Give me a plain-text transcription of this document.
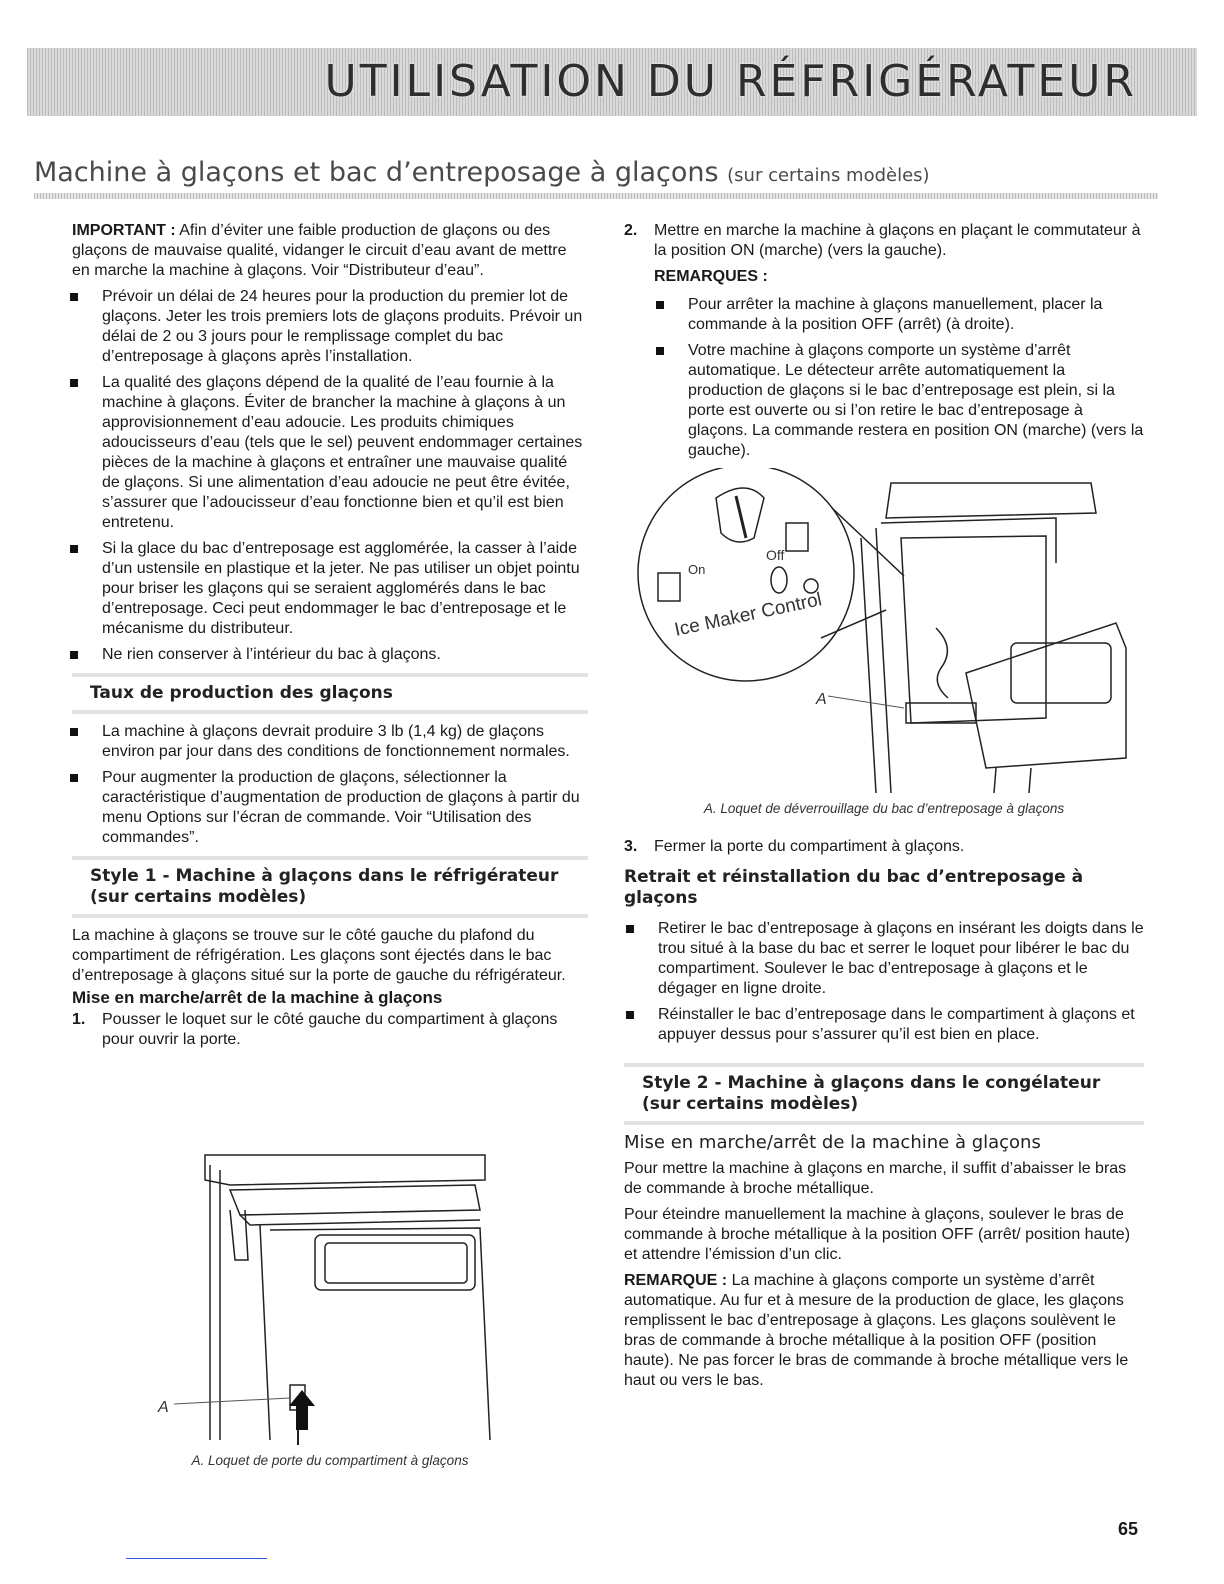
UTILISATION DU RÉFRIGÉRATEUR
Machine à glaçons et bac d’entreposage à glaçons (sur certains modèles)

IMPORTANT : Afin d’éviter une faible production de glaçons ou des glaçons de mauvaise qualité, vidanger le circuit d’eau avant de mettre en marche la machine à glaçons. Voir “Distributeur d’eau”.

Prévoir un délai de 24 heures pour la production du premier lot de glaçons. Jeter les trois premiers lots de glaçons produits. Prévoir un délai de 2 ou 3 jours pour le remplissage complet du bac d’entreposage à glaçons après l’installation.
La qualité des glaçons dépend de la qualité de l’eau fournie à la machine à glaçons. Éviter de brancher la machine à glaçons à un approvisionnement d’eau adoucie. Les produits chimiques adoucisseurs d’eau (tels que le sel) peuvent endommager certaines pièces de la machine à glaçons et entraîner une mauvaise qualité de glaçons. Si une alimentation d’eau adoucie ne peut être évitée, s’assurer que l’adoucisseur d’eau fonctionne bien et qu’il est bien entretenu.
Si la glace du bac d’entreposage est agglomérée, la casser à l’aide d’un ustensile en plastique et la jeter. Ne pas utiliser un objet pointu pour briser les glaçons qui se seraient agglomérés dans le bac d’entreposage. Ceci peut endommager le bac d’entreposage et le mécanisme du distributeur.
Ne rien conserver à l’intérieur du bac à glaçons.
Taux de production des glaçons
La machine à glaçons devrait produire 3 lb (1,4 kg) de glaçons environ par jour dans des conditions de fonctionnement normales.
Pour augmenter la production de glaçons, sélectionner la caractéristique d’augmentation de production de glaçons à partir du menu Options sur l’écran de commande. Voir “Utilisation des commandes”.
Style 1 - Machine à glaçons dans le réfrigérateur (sur certains modèles)

La machine à glaçons se trouve sur le côté gauche du plafond du compartiment de réfrigération. Les glaçons sont éjectés dans le bac d’entreposage à glaçons situé sur la porte de gauche du réfrigérateur.

Mise en marche/arrêt de la machine à glaçons
1. Pousser le loquet sur le côté gauche du compartiment à glaçons pour ouvrir la porte.
A
A. Loquet de porte du compartiment à glaçons
2. Mettre en marche la machine à glaçons en plaçant le commutateur à la position ON (marche) (vers la gauche).
REMARQUES :
Pour arrêter la machine à glaçons manuellement, placer la commande à la position OFF (arrêt) (à droite).
Votre machine à glaçons comporte un système d’arrêt automatique. Le détecteur arrête automatiquement la production de glaçons si le bac d’entreposage est plein, si la porte est ouverte ou si l’on retire le bac d’entreposage à glaçons. La commande restera en position ON (marche) (vers la gauche).
On
Off
Ice Maker Control
A
A. Loquet de déverrouillage du bac d’entreposage à glaçons
3. Fermer la porte du compartiment à glaçons.
Retrait et réinstallation du bac d’entreposage à glaçons
Retirer le bac d’entreposage à glaçons en insérant les doigts dans le trou situé à la base du bac et serrer le loquet pour libérer le bac du compartiment. Soulever le bac d’entreposage à glaçons et le dégager en ligne droite.
Réinstaller le bac d’entreposage dans le compartiment à glaçons et appuyer dessus pour s’assurer qu’il est bien en place.
Style 2 - Machine à glaçons dans le congélateur (sur certains modèles)
Mise en marche/arrêt de la machine à glaçons

Pour mettre la machine à glaçons en marche, il suffit d’abaisser le bras de commande à broche métallique.

Pour éteindre manuellement la machine à glaçons, soulever le bras de commande à broche métallique à la position OFF (arrêt/ position haute) et attendre l’émission d’un clic.

REMARQUE : La machine à glaçons comporte un système d’arrêt automatique. Au fur et à mesure de la production de glace, les glaçons remplissent le bac d’entreposage à glaçons. Les glaçons soulèvent le bras de commande à broche métallique à la position OFF (position haute). Ne pas forcer le bras de commande à broche métallique vers le haut ou vers le bas.

65
